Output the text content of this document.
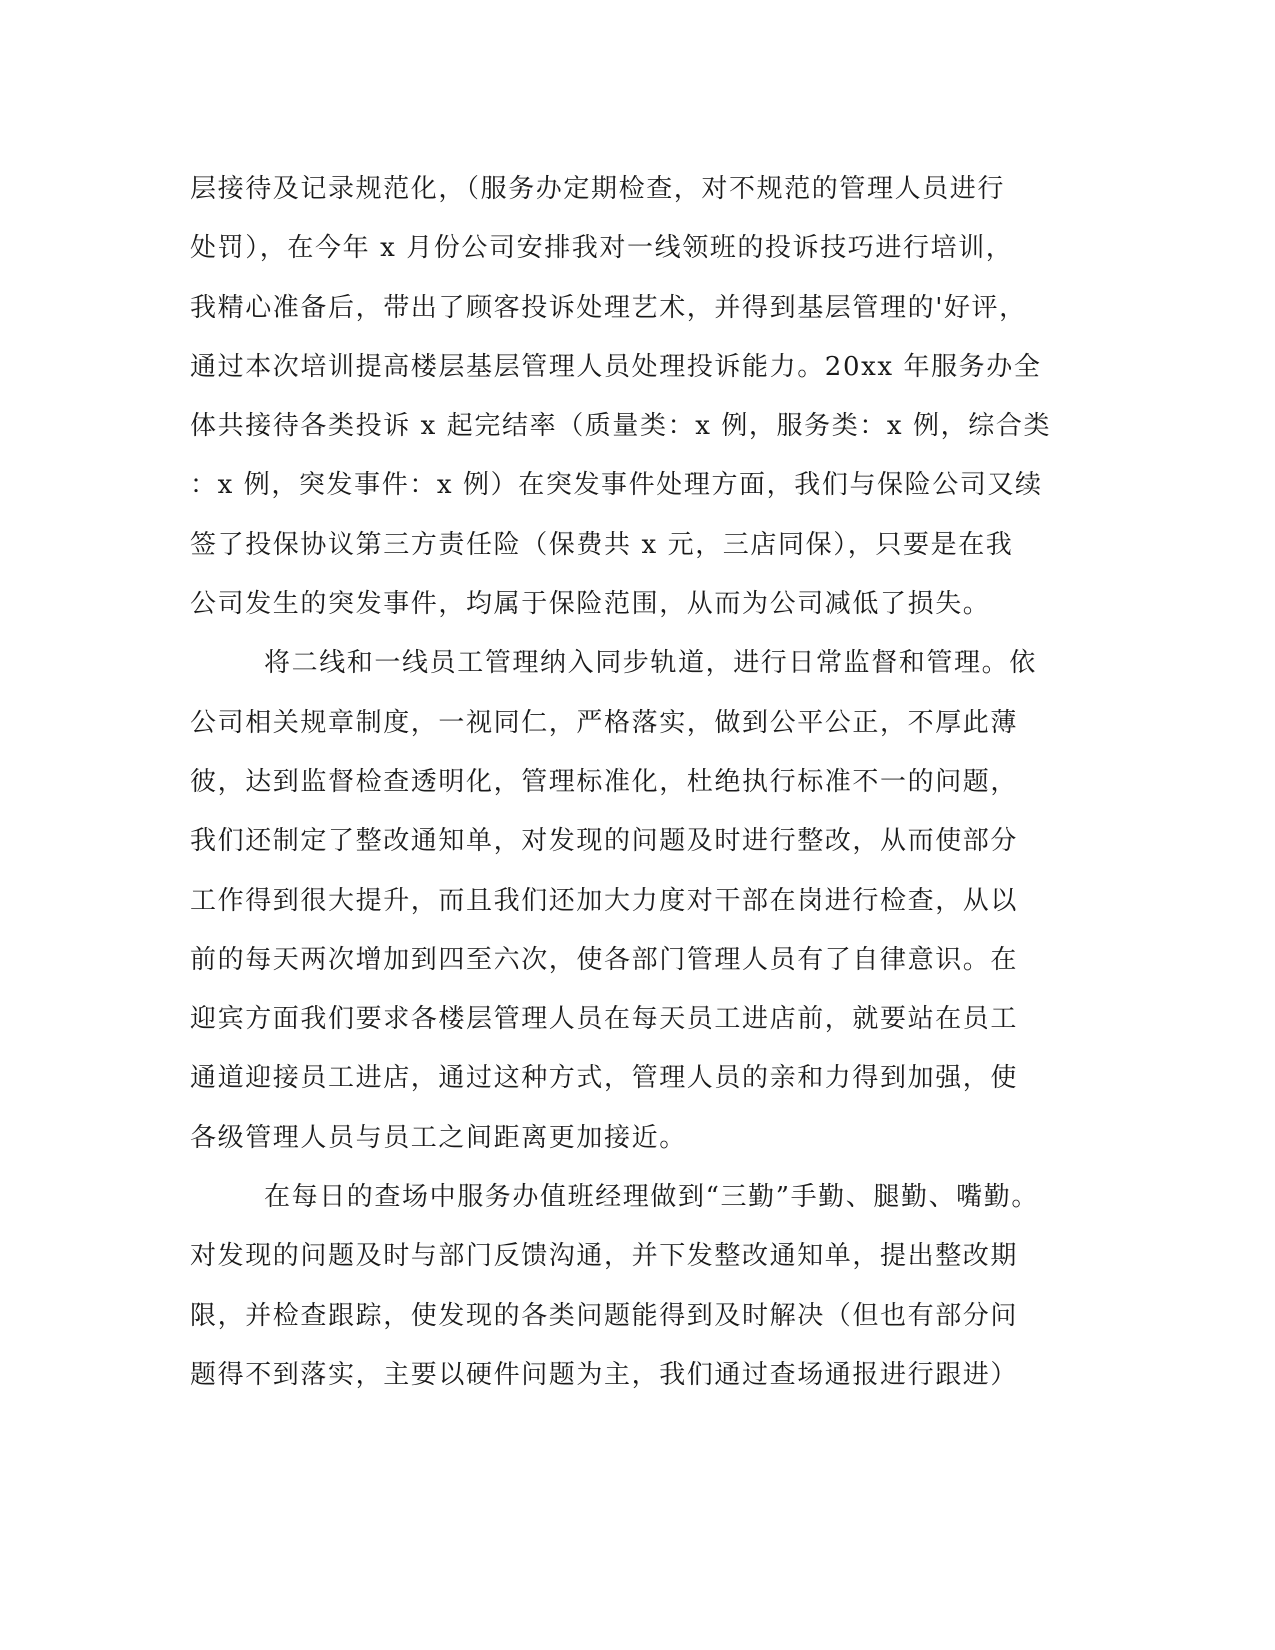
层接待及记录规范化，（服务办定期检查，对不规范的管理人员进行
处罚），在今年 x 月份公司安排我对一线领班的投诉技巧进行培训，
我精心准备后，带出了顾客投诉处理艺术，并得到基层管理的'好评，
通过本次培训提高楼层基层管理人员处理投诉能力。20xx 年服务办全
体共接待各类投诉 x 起完结率（质量类：x 例，服务类：x 例，综合类
：x 例，突发事件：x 例）在突发事件处理方面，我们与保险公司又续
签了投保协议第三方责任险（保费共 x 元，三店同保），只要是在我
公司发生的突发事件，均属于保险范围，从而为公司减低了损失。
将二线和一线员工管理纳入同步轨道，进行日常监督和管理。依
公司相关规章制度，一视同仁，严格落实，做到公平公正，不厚此薄
彼，达到监督检查透明化，管理标准化，杜绝执行标准不一的问题，
我们还制定了整改通知单，对发现的问题及时进行整改，从而使部分
工作得到很大提升，而且我们还加大力度对干部在岗进行检查，从以
前的每天两次增加到四至六次，使各部门管理人员有了自律意识。在
迎宾方面我们要求各楼层管理人员在每天员工进店前，就要站在员工
通道迎接员工进店，通过这种方式，管理人员的亲和力得到加强，使
各级管理人员与员工之间距离更加接近。
在每日的查场中服务办值班经理做到“三勤”手勤、腿勤、嘴勤。
对发现的问题及时与部门反馈沟通，并下发整改通知单，提出整改期
限，并检查跟踪，使发现的各类问题能得到及时解决（但也有部分问
题得不到落实，主要以硬件问题为主，我们通过查场通报进行跟进）
